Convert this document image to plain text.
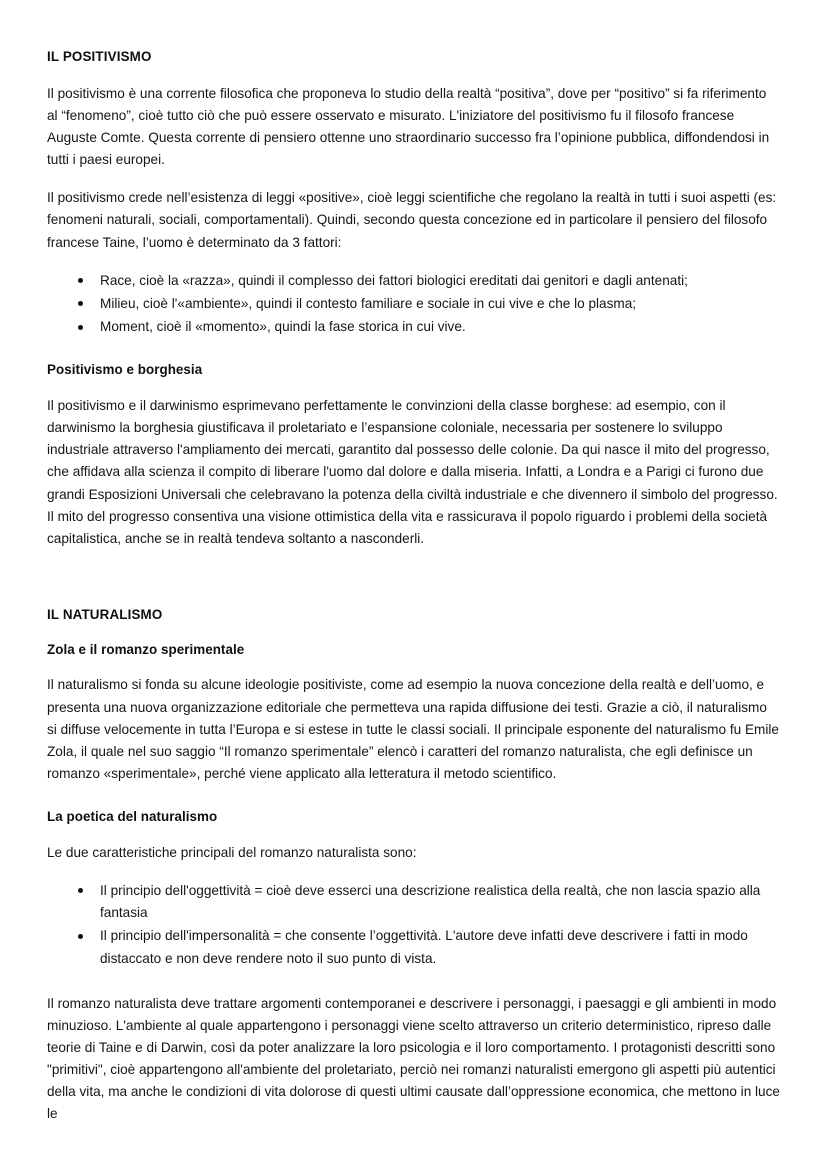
IL POSITIVISMO

Il positivismo è una corrente filosofica che proponeva lo studio della realtà “positiva”, dove per “positivo” si fa riferimento al “fenomeno”, cioè tutto ciò che può essere osservato e misurato. L'iniziatore del positivismo fu il filosofo francese Auguste Comte. Questa corrente di pensiero ottenne uno straordinario successo fra l’opinione pubblica, diffondendosi in tutti i paesi europei.

Il positivismo crede nell’esistenza di leggi «positive», cioè leggi scientifiche che regolano la realtà in tutti i suoi aspetti (es: fenomeni naturali, sociali, comportamentali). Quindi, secondo questa concezione ed in particolare il pensiero del filosofo francese Taine, l’uomo è determinato da 3 fattori:

Race, cioè la «razza», quindi il complesso dei fattori biologici ereditati dai genitori e dagli antenati;
Milieu, cioè l'«ambiente», quindi il contesto familiare e sociale in cui vive e che lo plasma;
Moment, cioè il «momento», quindi la fase storica in cui vive.
Positivismo e borghesia

Il positivismo e il darwinismo esprimevano perfettamente le convinzioni della classe borghese: ad esempio, con il darwinismo la borghesia giustificava il proletariato e l’espansione coloniale, necessaria per sostenere lo sviluppo industriale attraverso l'ampliamento dei mercati, garantito dal possesso delle colonie. Da qui nasce il mito del progresso, che affidava alla scienza il compito di liberare l'uomo dal dolore e dalla miseria. Infatti, a Londra e a Parigi ci furono due grandi Esposizioni Universali che celebravano la potenza della civiltà industriale e che divennero il simbolo del progresso. Il mito del progresso consentiva una visione ottimistica della vita e rassicurava il popolo riguardo i problemi della società capitalistica, anche se in realtà tendeva soltanto a nasconderli.

IL NATURALISMO
Zola e il romanzo sperimentale

Il naturalismo si fonda su alcune ideologie positiviste, come ad esempio la nuova concezione della realtà e dell’uomo, e presenta una nuova organizzazione editoriale che permetteva una rapida diffusione dei testi. Grazie a ciò, il naturalismo si diffuse velocemente in tutta l’Europa e si estese in tutte le classi sociali. Il principale esponente del naturalismo fu Emile Zola, il quale nel suo saggio “Il romanzo sperimentale” elencò i caratteri del romanzo naturalista, che egli definisce un romanzo «sperimentale», perché viene applicato alla letteratura il metodo scientifico.

La poetica del naturalismo

Le due caratteristiche principali del romanzo naturalista sono:

Il principio dell'oggettività = cioè deve esserci una descrizione realistica della realtà, che non lascia spazio alla fantasia
Il principio dell'impersonalità = che consente l’oggettività. L'autore deve infatti deve descrivere i fatti in modo distaccato e non deve rendere noto il suo punto di vista.

Il romanzo naturalista deve trattare argomenti contemporanei e descrivere i personaggi, i paesaggi e gli ambienti in modo minuzioso. L'ambiente al quale appartengono i personaggi viene scelto attraverso un criterio deterministico, ripreso dalle teorie di Taine e di Darwin, così da poter analizzare la loro psicologia e il loro comportamento. I protagonisti descritti sono "primitivi", cioè appartengono all'ambiente del proletariato, perciò nei romanzi naturalisti emergono gli aspetti più autentici della vita, ma anche le condizioni di vita dolorose di questi ultimi causate dall’oppressione economica, che mettono in luce le
